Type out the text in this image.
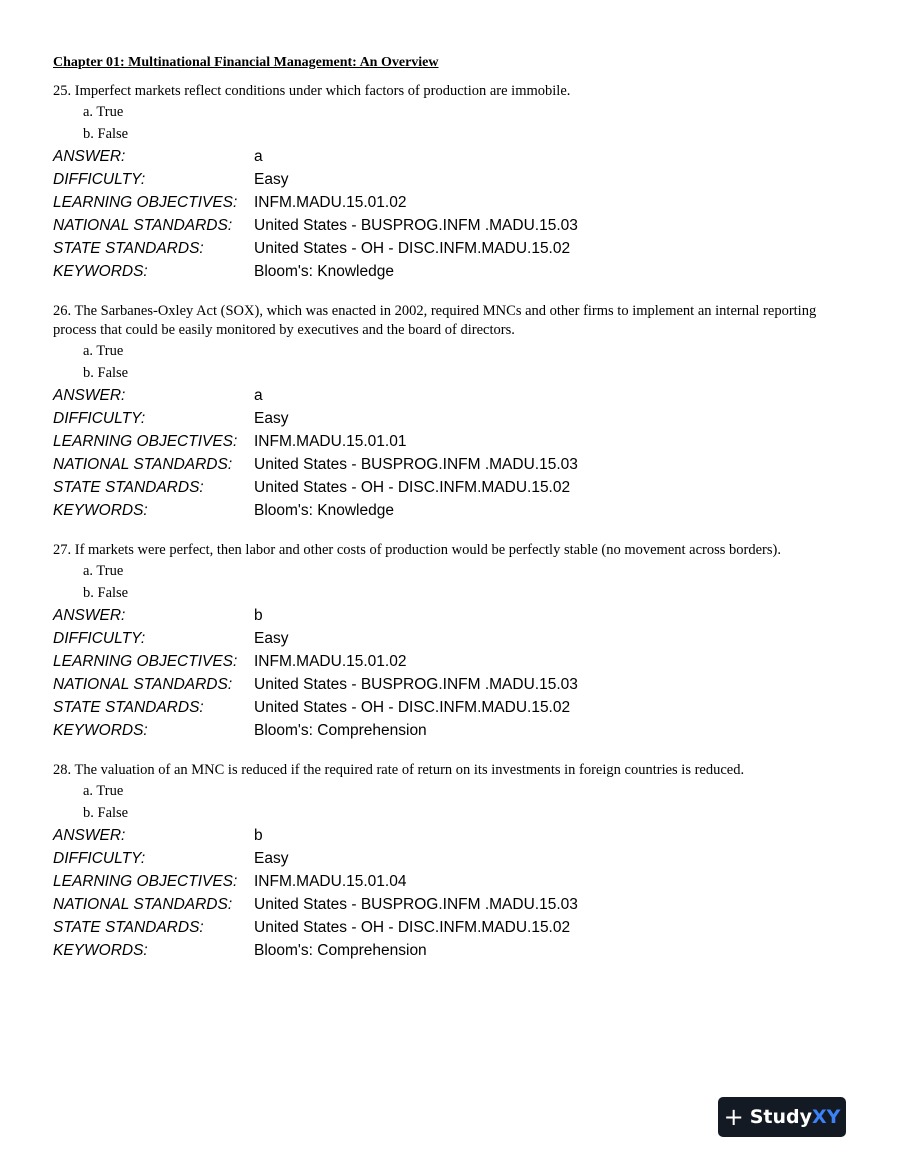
Chapter 01: Multinational Financial Management: An Overview

25. Imperfect markets reflect conditions under which factors of production are immobile.

a. True
b. False
ANSWER:	a
DIFFICULTY:	Easy
LEARNING OBJECTIVES:	INFM.MADU.15.01.02
NATIONAL STANDARDS:	United States - BUSPROG.INFM .MADU.15.03
STATE STANDARDS:	United States - OH - DISC.INFM.MADU.15.02
KEYWORDS:	Bloom's: Knowledge

26. The Sarbanes-Oxley Act (SOX), which was enacted in 2002, required MNCs and other firms to implement an internal reporting process that could be easily monitored by executives and the board of directors.

a. True
b. False
ANSWER:	a
DIFFICULTY:	Easy
LEARNING OBJECTIVES:	INFM.MADU.15.01.01
NATIONAL STANDARDS:	United States - BUSPROG.INFM .MADU.15.03
STATE STANDARDS:	United States - OH - DISC.INFM.MADU.15.02
KEYWORDS:	Bloom's: Knowledge

27. If markets were perfect, then labor and other costs of production would be perfectly stable (no movement across borders).

a. True
b. False
ANSWER:	b
DIFFICULTY:	Easy
LEARNING OBJECTIVES:	INFM.MADU.15.01.02
NATIONAL STANDARDS:	United States - BUSPROG.INFM .MADU.15.03
STATE STANDARDS:	United States - OH - DISC.INFM.MADU.15.02
KEYWORDS:	Bloom's: Comprehension

28. The valuation of an MNC is reduced if the required rate of return on its investments in foreign countries is reduced.

a. True
b. False
ANSWER:	b
DIFFICULTY:	Easy
LEARNING OBJECTIVES:	INFM.MADU.15.01.04
NATIONAL STANDARDS:	United States - BUSPROG.INFM .MADU.15.03
STATE STANDARDS:	United States - OH - DISC.INFM.MADU.15.02
KEYWORDS:	Bloom's: Comprehension
+ Study XY
